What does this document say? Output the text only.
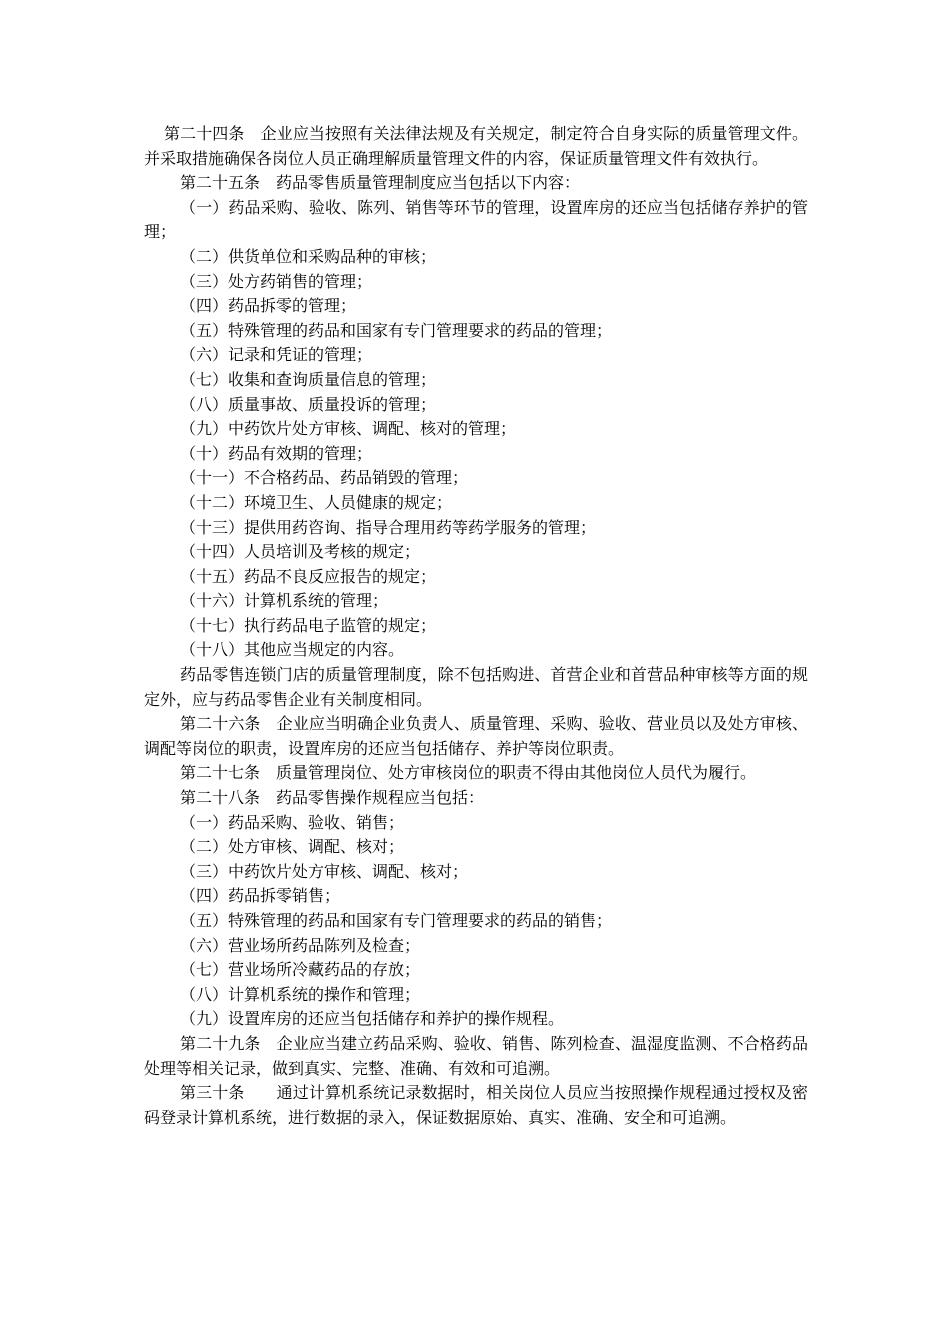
第二十四条　企业应当按照有关法律法规及有关规定，制定符合自身实际的质量管理文件。并采取措施确保各岗位人员正确理解质量管理文件的内容，保证质量管理文件有效执行。

第二十五条　药品零售质量管理制度应当包括以下内容：

（一）药品采购、验收、陈列、销售等环节的管理，设置库房的还应当包括储存养护的管理；

（二）供货单位和采购品种的审核；

（三）处方药销售的管理；

（四）药品拆零的管理；

（五）特殊管理的药品和国家有专门管理要求的药品的管理；

（六）记录和凭证的管理；

（七）收集和查询质量信息的管理；

（八）质量事故、质量投诉的管理；

（九）中药饮片处方审核、调配、核对的管理；

（十）药品有效期的管理；

（十一）不合格药品、药品销毁的管理；

（十二）环境卫生、人员健康的规定；

（十三）提供用药咨询、指导合理用药等药学服务的管理；

（十四）人员培训及考核的规定；

（十五）药品不良反应报告的规定；

（十六）计算机系统的管理；

（十七）执行药品电子监管的规定；

（十八）其他应当规定的内容。

药品零售连锁门店的质量管理制度，除不包括购进、首营企业和首营品种审核等方面的规定外，应与药品零售企业有关制度相同。

第二十六条　企业应当明确企业负责人、质量管理、采购、验收、营业员以及处方审核、调配等岗位的职责，设置库房的还应当包括储存、养护等岗位职责。

第二十七条　质量管理岗位、处方审核岗位的职责不得由其他岗位人员代为履行。

第二十八条　药品零售操作规程应当包括：

（一）药品采购、验收、销售；

（二）处方审核、调配、核对；

（三）中药饮片处方审核、调配、核对；

（四）药品拆零销售；

（五）特殊管理的药品和国家有专门管理要求的药品的销售；

（六）营业场所药品陈列及检查；

（七）营业场所冷藏药品的存放；

（八）计算机系统的操作和管理；

（九）设置库房的还应当包括储存和养护的操作规程。

第二十九条　企业应当建立药品采购、验收、销售、陈列检查、温湿度监测、不合格药品处理等相关记录，做到真实、完整、准确、有效和可追溯。

第三十条　　通过计算机系统记录数据时，相关岗位人员应当按照操作规程通过授权及密码登录计算机系统，进行数据的录入，保证数据原始、真实、准确、安全和可追溯。
